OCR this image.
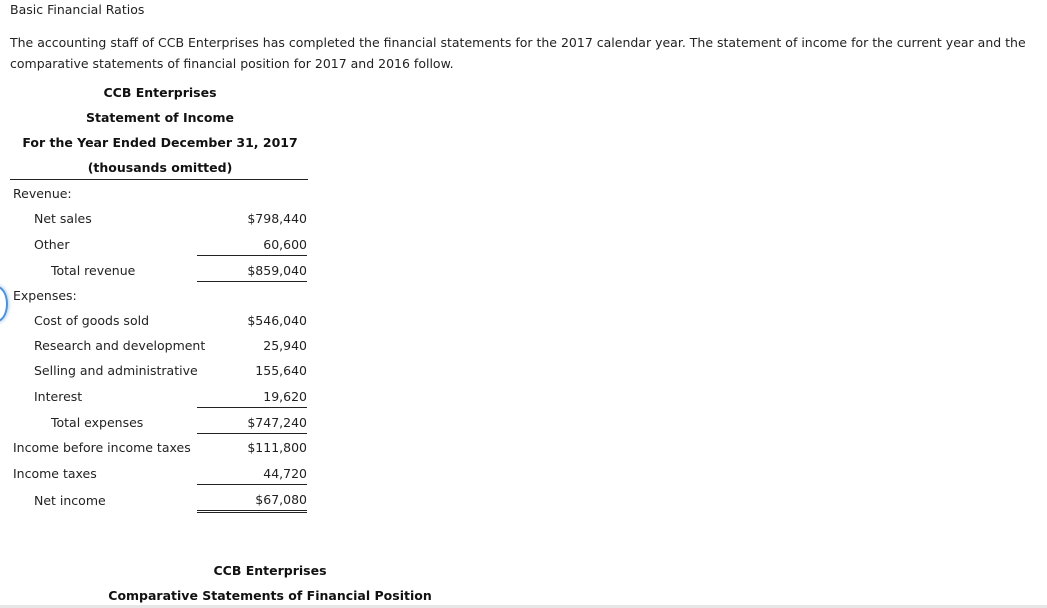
Basic Financial Ratios
The accounting staff of CCB Enterprises has completed the financial statements for the 2017 calendar year. The statement of income for the current year and the comparative statements of financial position for 2017 and 2016 follow.
CCB Enterprises
Statement of Income
For the Year Ended December 31, 2017
(thousands omitted)
Revenue:
Net sales	$798,440
Other	60,600
Total revenue	$859,040
Expenses:
Cost of goods sold	$546,040
Research and development	25,940
Selling and administrative	155,640
Interest	19,620
Total expenses	$747,240
Income before income taxes	$111,800
Income taxes	44,720
Net income	$67,080
CCB Enterprises
Comparative Statements of Financial Position
